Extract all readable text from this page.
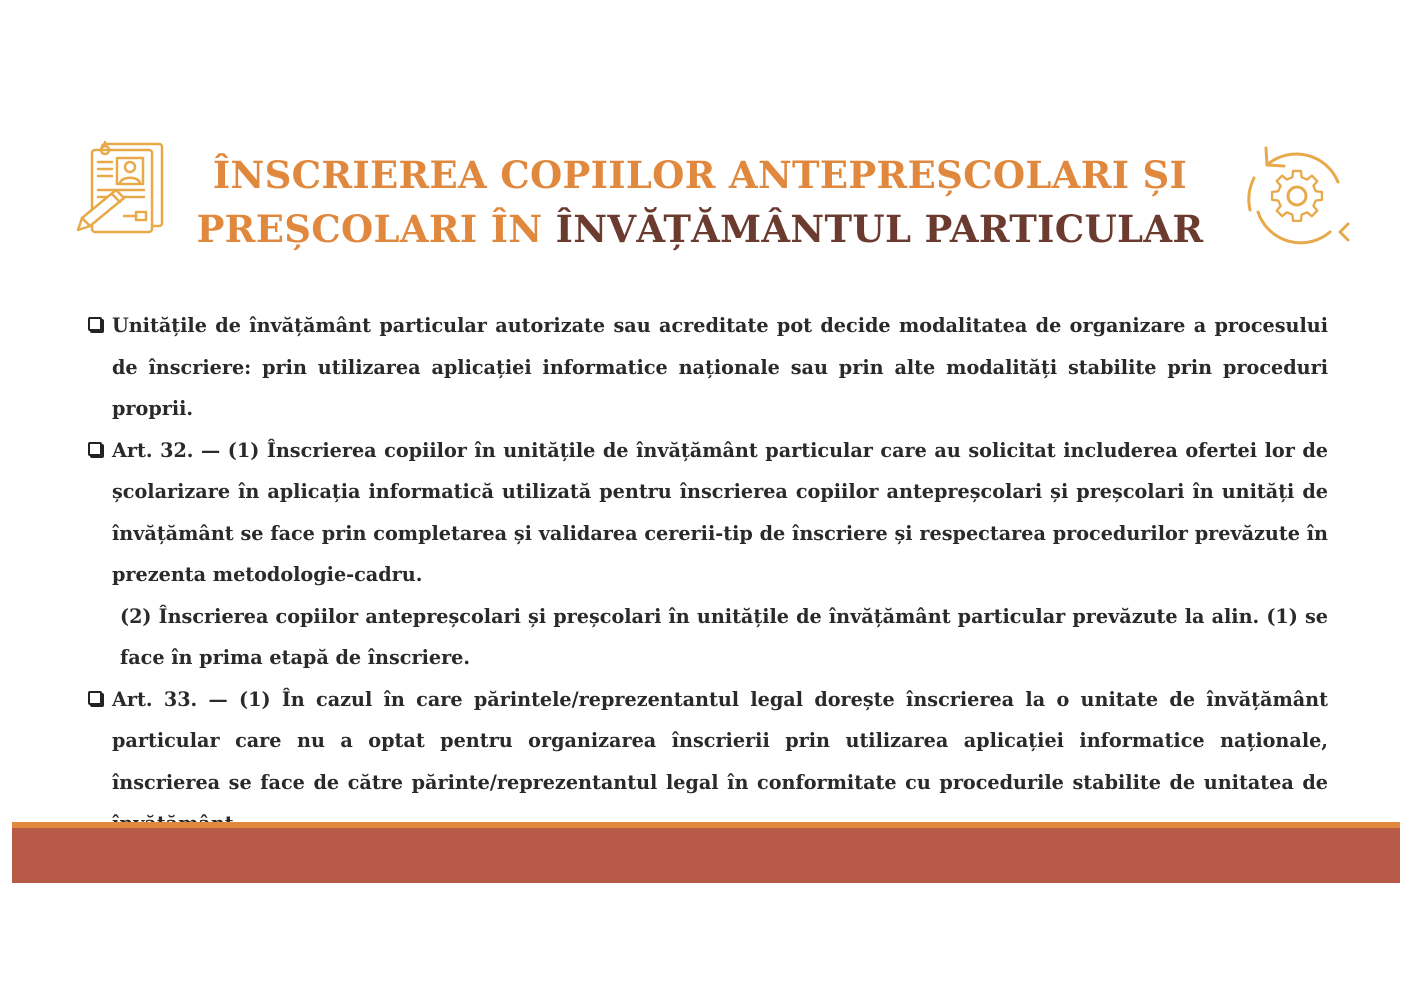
ÎNSCRIEREA COPIILOR ANTEPREȘCOLARI ȘI
PREȘCOLARI ÎN ÎNVĂȚĂMÂNTUL PARTICULAR
Unitățile de învățământ particular autorizate sau acreditate pot decide modalitatea de organizare a procesului de înscriere: prin utilizarea aplicației informatice naționale sau prin alte modalități stabilite prin proceduri proprii.
Art. 32. — (1) Înscrierea copiilor în unitățile de învățământ particular care au solicitat includerea ofertei lor de școlarizare în aplicația informatică utilizată pentru înscrierea copiilor antepreșcolari și preșcolari în unități de învățământ se face prin completarea și validarea cererii-tip de înscriere și respectarea procedurilor prevăzute în prezenta metodologie-cadru.
(2) Înscrierea copiilor antepreșcolari și preșcolari în unitățile de învățământ particular prevăzute la alin. (1) se face în prima etapă de înscriere.
Art. 33. — (1) În cazul în care părintele/reprezentantul legal dorește înscrierea la o unitate de învățământ particular care nu a optat pentru organizarea înscrierii prin utilizarea aplicației informatice naționale, înscrierea se face de către părinte/reprezentantul legal în conformitate cu procedurile stabilite de unitatea de
